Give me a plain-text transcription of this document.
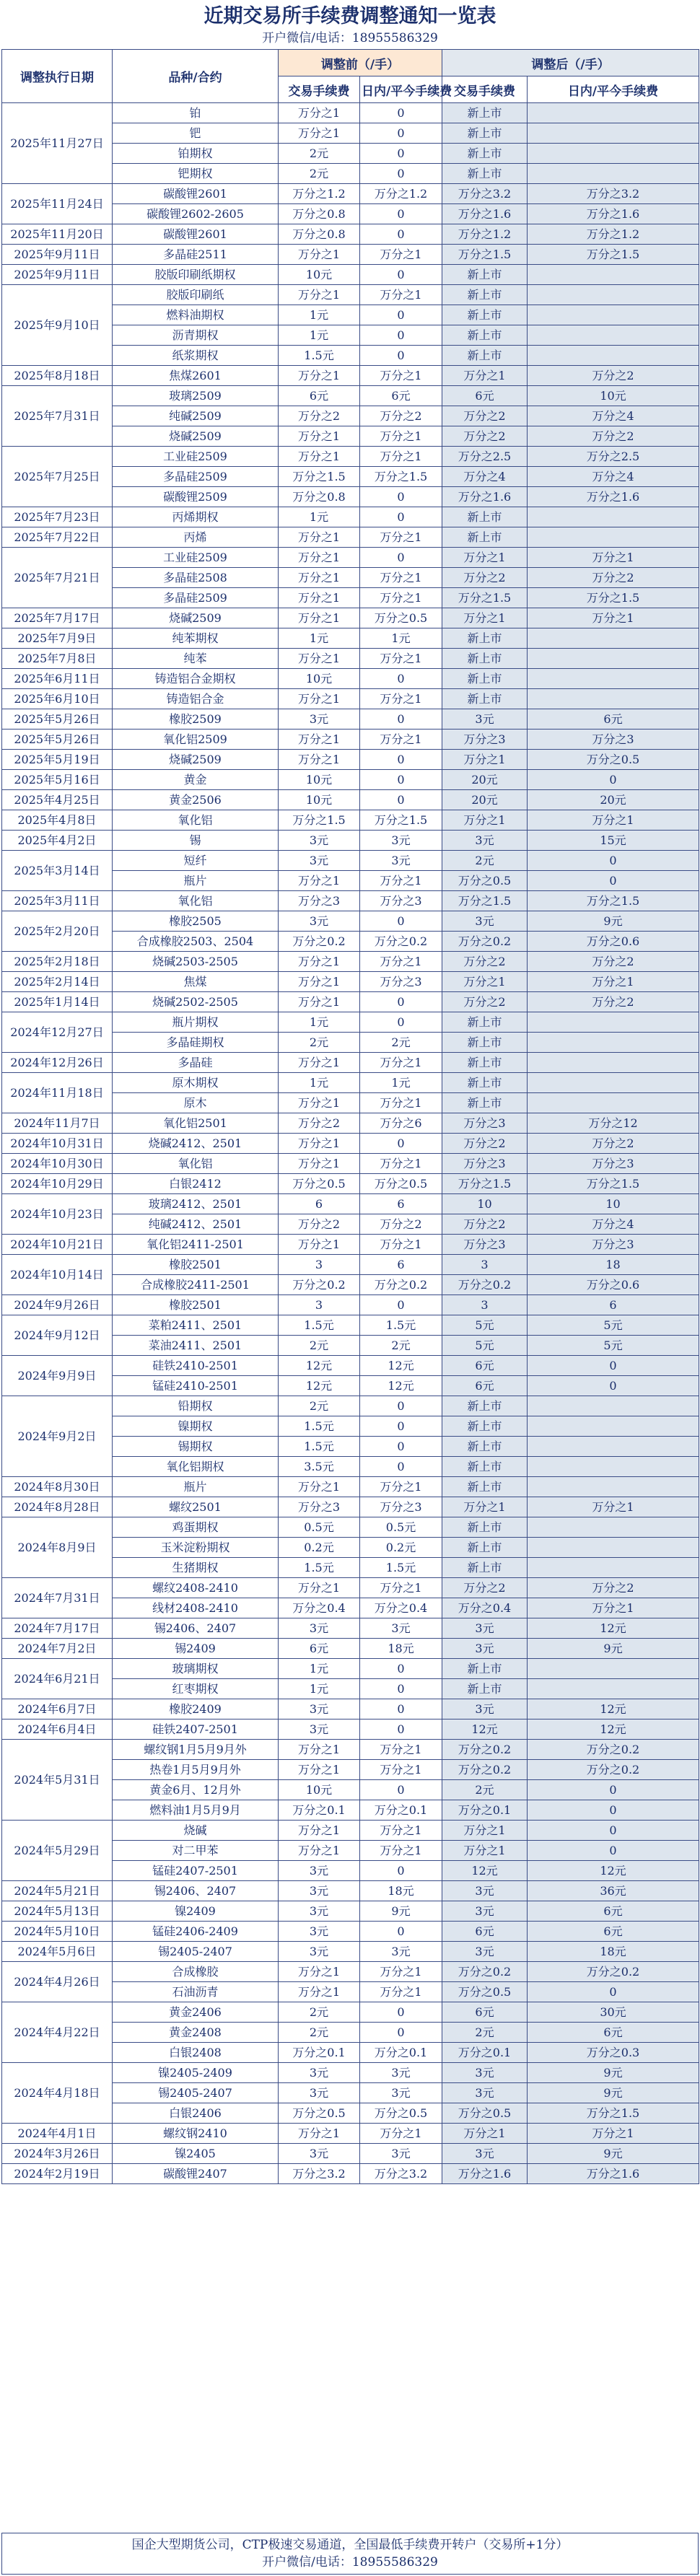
近期交易所手续费调整通知一览表
开户微信/电话：18955586329
调整执行日期	品种/合约	调整前（/手）		调整后（/手）	
		交易手续费	日内/平今手续费	交易手续费	日内/平今手续费
2025年11月27日	铂	万分之1	0	新上市	
	钯	万分之1	0	新上市	
	铂期权	2元	0	新上市	
	钯期权	2元	0	新上市	
2025年11月24日	碳酸锂2601	万分之1.2	万分之1.2	万分之3.2	万分之3.2
	碳酸锂2602-2605	万分之0.8	0	万分之1.6	万分之1.6
2025年11月20日	碳酸锂2601	万分之0.8	0	万分之1.2	万分之1.2
2025年9月11日	多晶硅2511	万分之1	万分之1	万分之1.5	万分之1.5
2025年9月11日	胶版印刷纸期权	10元	0	新上市	
2025年9月10日	胶版印刷纸	万分之1	万分之1	新上市	
	燃料油期权	1元	0	新上市	
	沥青期权	1元	0	新上市	
	纸浆期权	1.5元	0	新上市	
2025年8月18日	焦煤2601	万分之1	万分之1	万分之1	万分之2
2025年7月31日	玻璃2509	6元	6元	6元	10元
	纯碱2509	万分之2	万分之2	万分之2	万分之4
	烧碱2509	万分之1	万分之1	万分之2	万分之2
2025年7月25日	工业硅2509	万分之1	万分之1	万分之2.5	万分之2.5
	多晶硅2509	万分之1.5	万分之1.5	万分之4	万分之4
	碳酸锂2509	万分之0.8	0	万分之1.6	万分之1.6
2025年7月23日	丙烯期权	1元	0	新上市	
2025年7月22日	丙烯	万分之1	万分之1	新上市	
2025年7月21日	工业硅2509	万分之1	0	万分之1	万分之1
	多晶硅2508	万分之1	万分之1	万分之2	万分之2
	多晶硅2509	万分之1	万分之1	万分之1.5	万分之1.5
2025年7月17日	烧碱2509	万分之1	万分之0.5	万分之1	万分之1
2025年7月9日	纯苯期权	1元	1元	新上市	
2025年7月8日	纯苯	万分之1	万分之1	新上市	
2025年6月11日	铸造铝合金期权	10元	0	新上市	
2025年6月10日	铸造铝合金	万分之1	万分之1	新上市	
2025年5月26日	橡胶2509	3元	0	3元	6元
2025年5月26日	氧化铝2509	万分之1	万分之1	万分之3	万分之3
2025年5月19日	烧碱2509	万分之1	0	万分之1	万分之0.5
2025年5月16日	黄金	10元	0	20元	0
2025年4月25日	黄金2506	10元	0	20元	20元
2025年4月8日	氧化铝	万分之1.5	万分之1.5	万分之1	万分之1
2025年4月2日	锡	3元	3元	3元	15元
2025年3月14日	短纤	3元	3元	2元	0
	瓶片	万分之1	万分之1	万分之0.5	0
2025年3月11日	氧化铝	万分之3	万分之3	万分之1.5	万分之1.5
2025年2月20日	橡胶2505	3元	0	3元	9元
	合成橡胶2503、2504	万分之0.2	万分之0.2	万分之0.2	万分之0.6
2025年2月18日	烧碱2503-2505	万分之1	万分之1	万分之2	万分之2
2025年2月14日	焦煤	万分之1	万分之3	万分之1	万分之1
2025年1月14日	烧碱2502-2505	万分之1	0	万分之2	万分之2
2024年12月27日	瓶片期权	1元	0	新上市	
	多晶硅期权	2元	2元	新上市	
2024年12月26日	多晶硅	万分之1	万分之1	新上市	
2024年11月18日	原木期权	1元	1元	新上市	
	原木	万分之1	万分之1	新上市	
2024年11月7日	氧化铝2501	万分之2	万分之6	万分之3	万分之12
2024年10月31日	烧碱2412、2501	万分之1	0	万分之2	万分之2
2024年10月30日	氧化铝	万分之1	万分之1	万分之3	万分之3
2024年10月29日	白银2412	万分之0.5	万分之0.5	万分之1.5	万分之1.5
2024年10月23日	玻璃2412、2501	6	6	10	10
	纯碱2412、2501	万分之2	万分之2	万分之2	万分之4
2024年10月21日	氧化铝2411-2501	万分之1	万分之1	万分之3	万分之3
2024年10月14日	橡胶2501	3	6	3	18
	合成橡胶2411-2501	万分之0.2	万分之0.2	万分之0.2	万分之0.6
2024年9月26日	橡胶2501	3	0	3	6
2024年9月12日	菜粕2411、2501	1.5元	1.5元	5元	5元
	菜油2411、2501	2元	2元	5元	5元
2024年9月9日	硅铁2410-2501	12元	12元	6元	0
	锰硅2410-2501	12元	12元	6元	0
2024年9月2日	铅期权	2元	0	新上市	
	镍期权	1.5元	0	新上市	
	锡期权	1.5元	0	新上市	
	氧化铝期权	3.5元	0	新上市	
2024年8月30日	瓶片	万分之1	万分之1	新上市	
2024年8月28日	螺纹2501	万分之3	万分之3	万分之1	万分之1
2024年8月9日	鸡蛋期权	0.5元	0.5元	新上市	
	玉米淀粉期权	0.2元	0.2元	新上市	
	生猪期权	1.5元	1.5元	新上市	
2024年7月31日	螺纹2408-2410	万分之1	万分之1	万分之2	万分之2
	线材2408-2410	万分之0.4	万分之0.4	万分之0.4	万分之1
2024年7月17日	锡2406、2407	3元	3元	3元	12元
2024年7月2日	锡2409	6元	18元	3元	9元
2024年6月21日	玻璃期权	1元	0	新上市	
	红枣期权	1元	0	新上市	
2024年6月7日	橡胶2409	3元	0	3元	12元
2024年6月4日	硅铁2407-2501	3元	0	12元	12元
2024年5月31日	螺纹钢1月5月9月外	万分之1	万分之1	万分之0.2	万分之0.2
	热卷1月5月9月外	万分之1	万分之1	万分之0.2	万分之0.2
	黄金6月、12月外	10元	0	2元	0
	燃料油1月5月9月	万分之0.1	万分之0.1	万分之0.1	0
2024年5月29日	烧碱	万分之1	万分之1	万分之1	0
	对二甲苯	万分之1	万分之1	万分之1	0
	锰硅2407-2501	3元	0	12元	12元
2024年5月21日	锡2406、2407	3元	18元	3元	36元
2024年5月13日	镍2409	3元	9元	3元	6元
2024年5月10日	锰硅2406-2409	3元	0	6元	6元
2024年5月6日	锡2405-2407	3元	3元	3元	18元
2024年4月26日	合成橡胶	万分之1	万分之1	万分之0.2	万分之0.2
	石油沥青	万分之1	万分之1	万分之0.5	0
2024年4月22日	黄金2406	2元	0	6元	30元
	黄金2408	2元	0	2元	6元
	白银2408	万分之0.1	万分之0.1	万分之0.1	万分之0.3
2024年4月18日	镍2405-2409	3元	3元	3元	9元
	锡2405-2407	3元	3元	3元	9元
	白银2406	万分之0.5	万分之0.5	万分之0.5	万分之1.5
2024年4月1日	螺纹钢2410	万分之1	万分之1	万分之1	万分之1
2024年3月26日	镍2405	3元	3元	3元	9元
2024年2月19日	碳酸锂2407	万分之3.2	万分之3.2	万分之1.6	万分之1.6
国企大型期货公司，CTP极速交易通道，全国最低手续费开转户（交易所+1分）
开户微信/电话：18955586329
